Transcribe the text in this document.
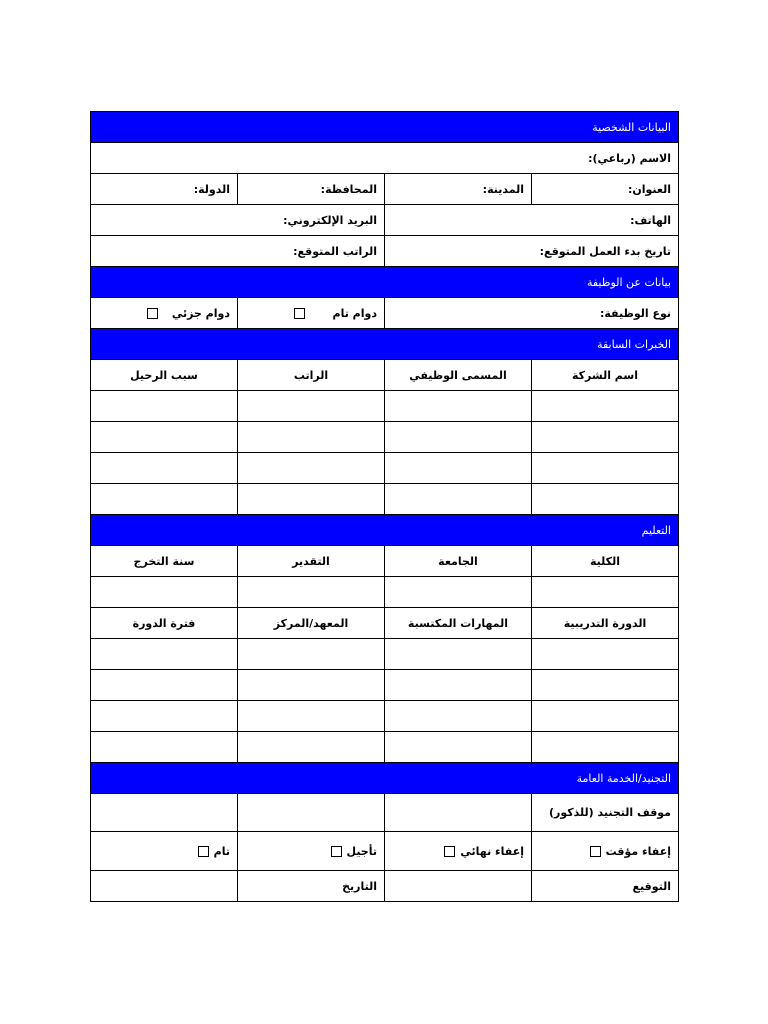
البيانات الشخصية			
الاسم (رباعي):			
العنوان:	المدينة:	المحافظة:	الدولة:
الهاتف:		البريد الإلكتروني:	
تاريخ بدء العمل المتوقع:		الراتب المتوقع:	
بيانات عن الوظيفة			
نوع الوظيفة:		دوام تام	دوام جزئي
الخبرات السابقة			
اسم الشركة	المسمى الوظيفي	الراتب	سبب الرحيل

التعليم			
الكلية	الجامعة	التقدير	سنة التخرج

الدورة التدريبية	المهارات المكتسبة	المعهد/المركز	فترة الدورة

التجنيد/الخدمة العامة			
موقف التجنيد (للذكور)			
إعفاء مؤقت	إعفاء نهائي	تأجيل	تام
التوقيع		التاريخ	
